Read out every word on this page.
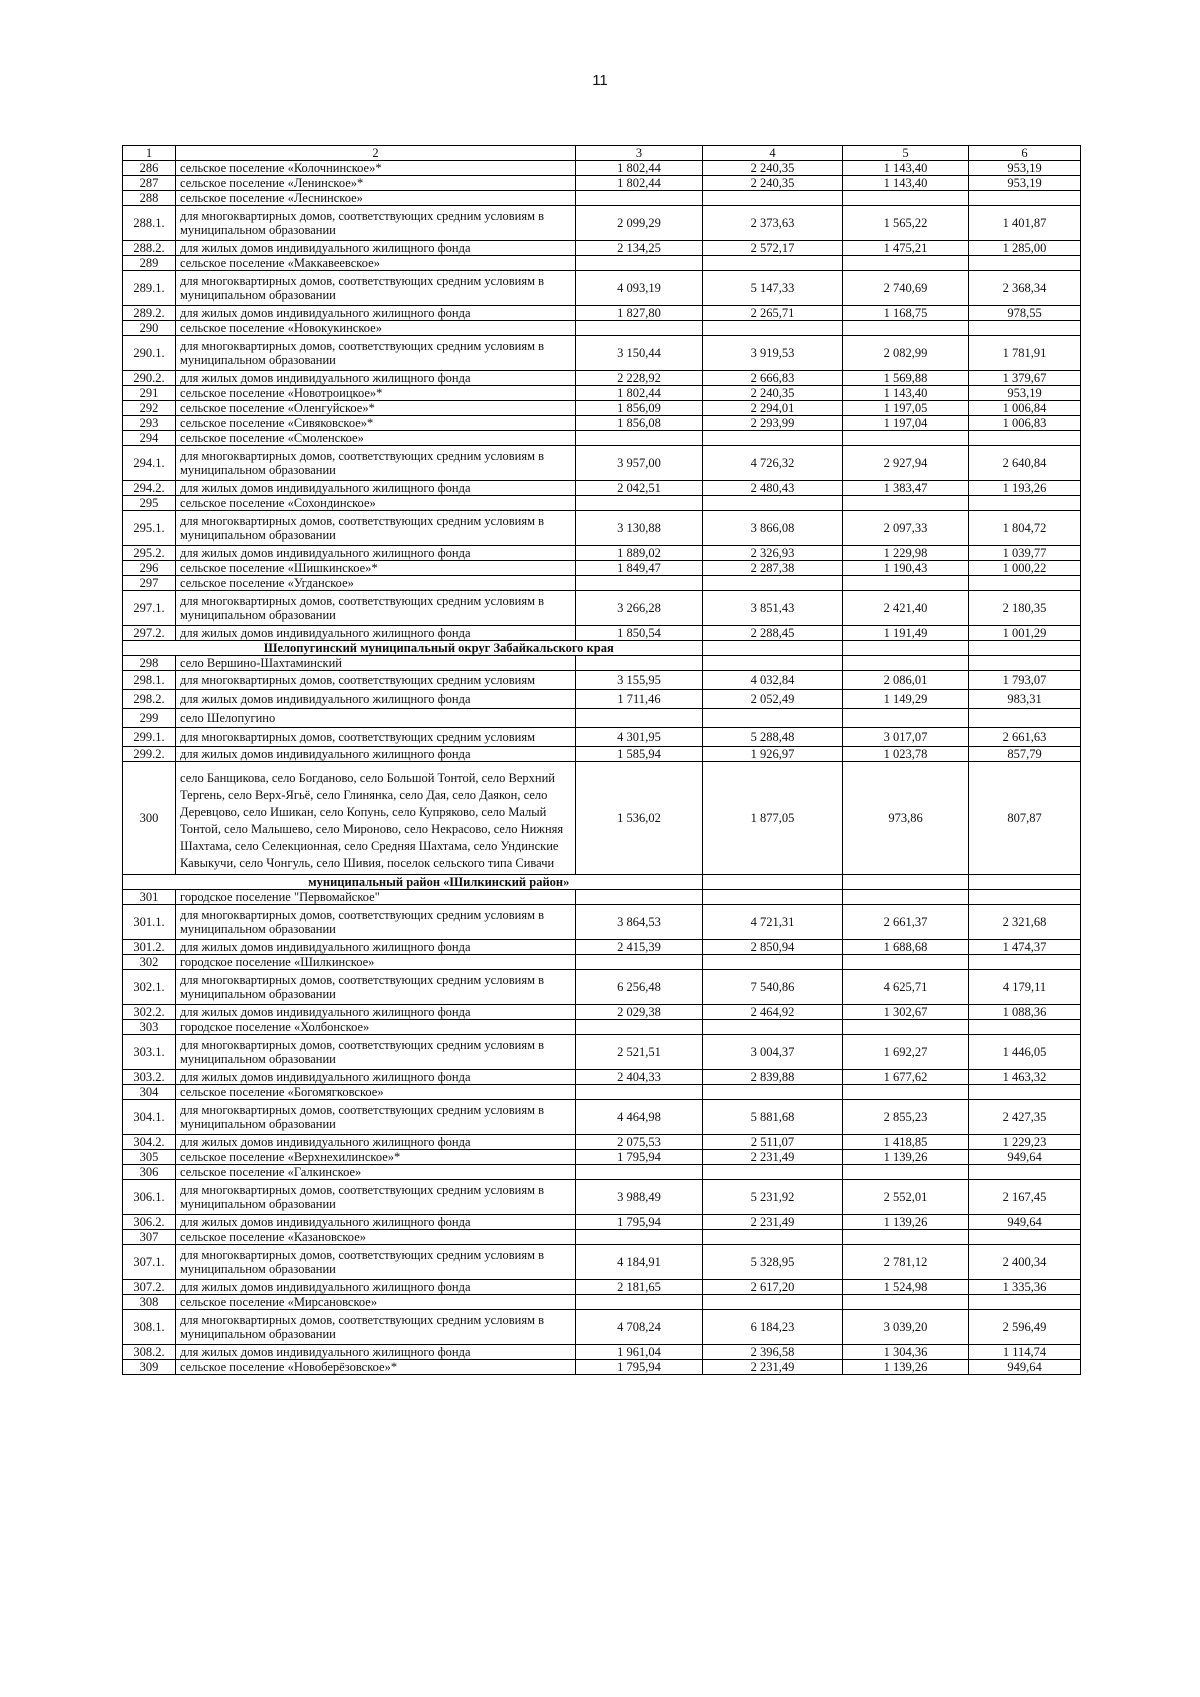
11
1	2	3	4	5	6
286	сельское поселение «Колочнинское»*	1 802,44	2 240,35	1 143,40	953,19
287	сельское поселение «Ленинское»*	1 802,44	2 240,35	1 143,40	953,19
288	сельское поселение «Леснинское»				
288.1.	для многоквартирных домов, соответствующих средним условиям в муниципальном образовании	2 099,29	2 373,63	1 565,22	1 401,87
288.2.	для жилых домов индивидуального жилищного фонда	2 134,25	2 572,17	1 475,21	1 285,00
289	сельское поселение «Маккавеевское»				
289.1.	для многоквартирных домов, соответствующих средним условиям в муниципальном образовании	4 093,19	5 147,33	2 740,69	2 368,34
289.2.	для жилых домов индивидуального жилищного фонда	1 827,80	2 265,71	1 168,75	978,55
290	сельское поселение «Новокукинское»				
290.1.	для многоквартирных домов, соответствующих средним условиям в муниципальном образовании	3 150,44	3 919,53	2 082,99	1 781,91
290.2.	для жилых домов индивидуального жилищного фонда	2 228,92	2 666,83	1 569,88	1 379,67
291	сельское поселение «Новотроицкое»*	1 802,44	2 240,35	1 143,40	953,19
292	сельское поселение «Оленгуйское»*	1 856,09	2 294,01	1 197,05	1 006,84
293	сельское поселение «Сивяковское»*	1 856,08	2 293,99	1 197,04	1 006,83
294	сельское поселение «Смоленское»				
294.1.	для многоквартирных домов, соответствующих средним условиям в муниципальном образовании	3 957,00	4 726,32	2 927,94	2 640,84
294.2.	для жилых домов индивидуального жилищного фонда	2 042,51	2 480,43	1 383,47	1 193,26
295	сельское поселение «Сохондинское»				
295.1.	для многоквартирных домов, соответствующих средним условиям в муниципальном образовании	3 130,88	3 866,08	2 097,33	1 804,72
295.2.	для жилых домов индивидуального жилищного фонда	1 889,02	2 326,93	1 229,98	1 039,77
296	сельское поселение «Шишкинское»*	1 849,47	2 287,38	1 190,43	1 000,22
297	сельское поселение «Угданское»				
297.1.	для многоквартирных домов, соответствующих средним условиям в муниципальном образовании	3 266,28	3 851,43	2 421,40	2 180,35
297.2.	для жилых домов индивидуального жилищного фонда	1 850,54	2 288,45	1 191,49	1 001,29
	Шелопугинский муниципальный округ Забайкальского края				
298	село Вершино-Шахтаминский				
298.1.	для многоквартирных домов, соответствующих средним условиям	3 155,95	4 032,84	2 086,01	1 793,07
298.2.	для жилых домов индивидуального жилищного фонда	1 711,46	2 052,49	1 149,29	983,31
299	село Шелопугино				
299.1.	для многоквартирных домов, соответствующих средним условиям	4 301,95	5 288,48	3 017,07	2 661,63
299.2.	для жилых домов индивидуального жилищного фонда	1 585,94	1 926,97	1 023,78	857,79
300	село Банщикова, село Богданово, село Большой Тонтой, село Верхний Тергень, село Верх-Ягьё, село Глинянка, село Дая, село Даякон, село Деревцово, село Ишикан, село Копунь, село Купряково, село Малый Тонтой, село Малышево, село Мироново, село Некрасово, село Нижняя Шахтама, село Селекционная, село Средняя Шахтама, село Ундинские Кавыкучи, село Чонгуль, село Шивия, поселок сельского типа Сивачи	1 536,02	1 877,05	973,86	807,87
	муниципальный район «Шилкинский район»				
301	городское поселение "Первомайское"				
301.1.	для многоквартирных домов, соответствующих средним условиям в муниципальном образовании	3 864,53	4 721,31	2 661,37	2 321,68
301.2.	для жилых домов индивидуального жилищного фонда	2 415,39	2 850,94	1 688,68	1 474,37
302	городское поселение «Шилкинское»				
302.1.	для многоквартирных домов, соответствующих средним условиям в муниципальном образовании	6 256,48	7 540,86	4 625,71	4 179,11
302.2.	для жилых домов индивидуального жилищного фонда	2 029,38	2 464,92	1 302,67	1 088,36
303	городское поселение «Холбонское»				
303.1.	для многоквартирных домов, соответствующих средним условиям в муниципальном образовании	2 521,51	3 004,37	1 692,27	1 446,05
303.2.	для жилых домов индивидуального жилищного фонда	2 404,33	2 839,88	1 677,62	1 463,32
304	сельское поселение «Богомягковское»				
304.1.	для многоквартирных домов, соответствующих средним условиям в муниципальном образовании	4 464,98	5 881,68	2 855,23	2 427,35
304.2.	для жилых домов индивидуального жилищного фонда	2 075,53	2 511,07	1 418,85	1 229,23
305	сельское поселение «Верхнехилинское»*	1 795,94	2 231,49	1 139,26	949,64
306	сельское поселение «Галкинское»				
306.1.	для многоквартирных домов, соответствующих средним условиям в муниципальном образовании	3 988,49	5 231,92	2 552,01	2 167,45
306.2.	для жилых домов индивидуального жилищного фонда	1 795,94	2 231,49	1 139,26	949,64
307	сельское поселение «Казановское»				
307.1.	для многоквартирных домов, соответствующих средним условиям в муниципальном образовании	4 184,91	5 328,95	2 781,12	2 400,34
307.2.	для жилых домов индивидуального жилищного фонда	2 181,65	2 617,20	1 524,98	1 335,36
308	сельское поселение «Мирсановское»				
308.1.	для многоквартирных домов, соответствующих средним условиям в муниципальном образовании	4 708,24	6 184,23	3 039,20	2 596,49
308.2.	для жилых домов индивидуального жилищного фонда	1 961,04	2 396,58	1 304,36	1 114,74
309	сельское поселение «Новоберёзовское»*	1 795,94	2 231,49	1 139,26	949,64
